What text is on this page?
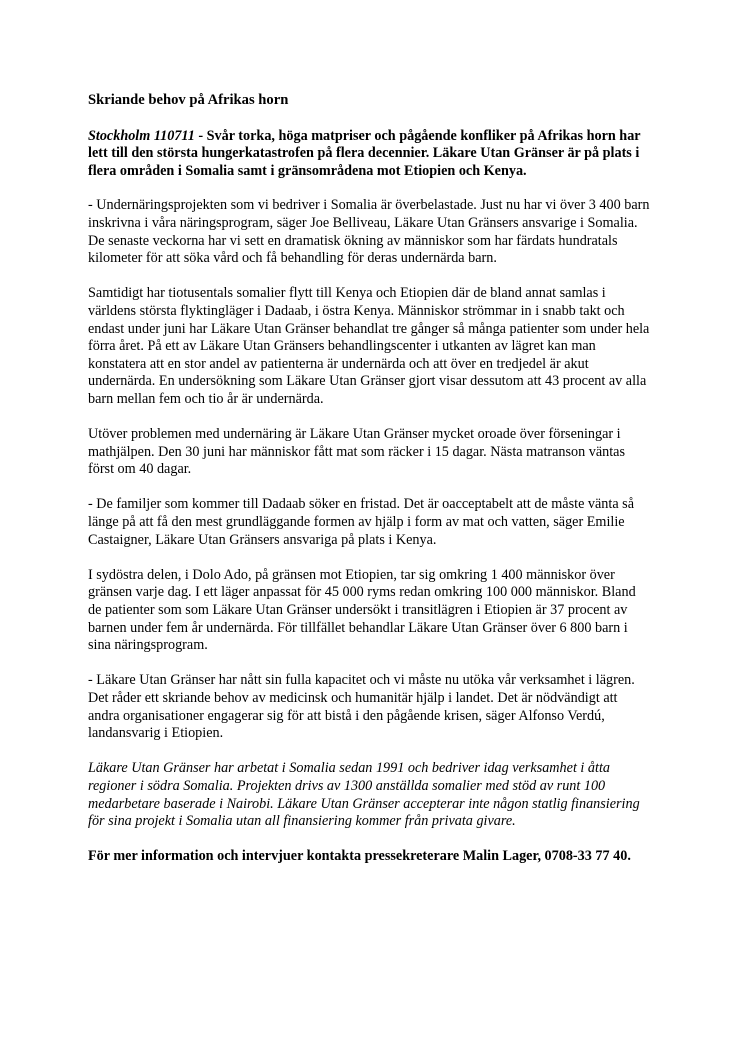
Skriande behov på Afrikas horn

Stockholm 110711 - Svår torka, höga matpriser och pågående konfliker på Afrikas horn har lett till den största hungerkatastrofen på flera decennier. Läkare Utan Gränser är på plats i flera områden i Somalia samt i gränsområdena mot Etiopien och Kenya.

- Undernäringsprojekten som vi bedriver i Somalia är överbelastade. Just nu har vi över 3 400 barn inskrivna i våra näringsprogram, säger Joe Belliveau, Läkare Utan Gränsers ansvarige i Somalia. De senaste veckorna har vi sett en dramatisk ökning av människor som har färdats hundratals kilometer för att söka vård och få behandling för deras undernärda barn.

Samtidigt har tiotusentals somalier flytt till Kenya och Etiopien där de bland annat samlas i världens största flyktingläger i Dadaab, i östra Kenya. Människor strömmar in i snabb takt och endast under juni har Läkare Utan Gränser behandlat tre gånger så många patienter som under hela förra året. På ett av Läkare Utan Gränsers behandlingscenter i utkanten av lägret kan man konstatera att en stor andel av patienterna är undernärda och att över en tredjedel är akut undernärda. En undersökning som Läkare Utan Gränser gjort visar dessutom att 43 procent av alla barn mellan fem och tio år är undernärda.

Utöver problemen med undernäring är Läkare Utan Gränser mycket oroade över förseningar i mathjälpen. Den 30 juni har människor fått mat som räcker i 15 dagar. Nästa matranson väntas först om 40 dagar.

- De familjer som kommer till Dadaab söker en fristad. Det är oacceptabelt att de måste vänta så länge på att få den mest grundläggande formen av hjälp i form av mat och vatten, säger Emilie Castaigner, Läkare Utan Gränsers ansvariga på plats i Kenya.

I sydöstra delen, i Dolo Ado, på gränsen mot Etiopien, tar sig omkring 1 400 människor över gränsen varje dag. I ett läger anpassat för 45 000 ryms redan omkring 100 000 människor. Bland de patienter som som Läkare Utan Gränser undersökt i transitlägren i Etiopien är 37 procent av barnen under fem år undernärda. För tillfället behandlar Läkare Utan Gränser över 6 800 barn i sina näringsprogram.

- Läkare Utan Gränser har nått sin fulla kapacitet och vi måste nu utöka vår verksamhet i lägren. Det råder ett skriande behov av medicinsk och humanitär hjälp i landet. Det är nödvändigt att andra organisationer engagerar sig för att bistå i den pågående krisen, säger Alfonso Verdú, landansvarig i Etiopien.

Läkare Utan Gränser har arbetat i Somalia sedan 1991 och bedriver idag verksamhet i åtta regioner i södra Somalia. Projekten drivs av 1300 anställda somalier med stöd av runt 100 medarbetare baserade i Nairobi. Läkare Utan Gränser accepterar inte någon statlig finansiering för sina projekt i Somalia utan all finansiering kommer från privata givare.

För mer information och intervjuer kontakta pressekreterare Malin Lager, 0708-33 77 40.
